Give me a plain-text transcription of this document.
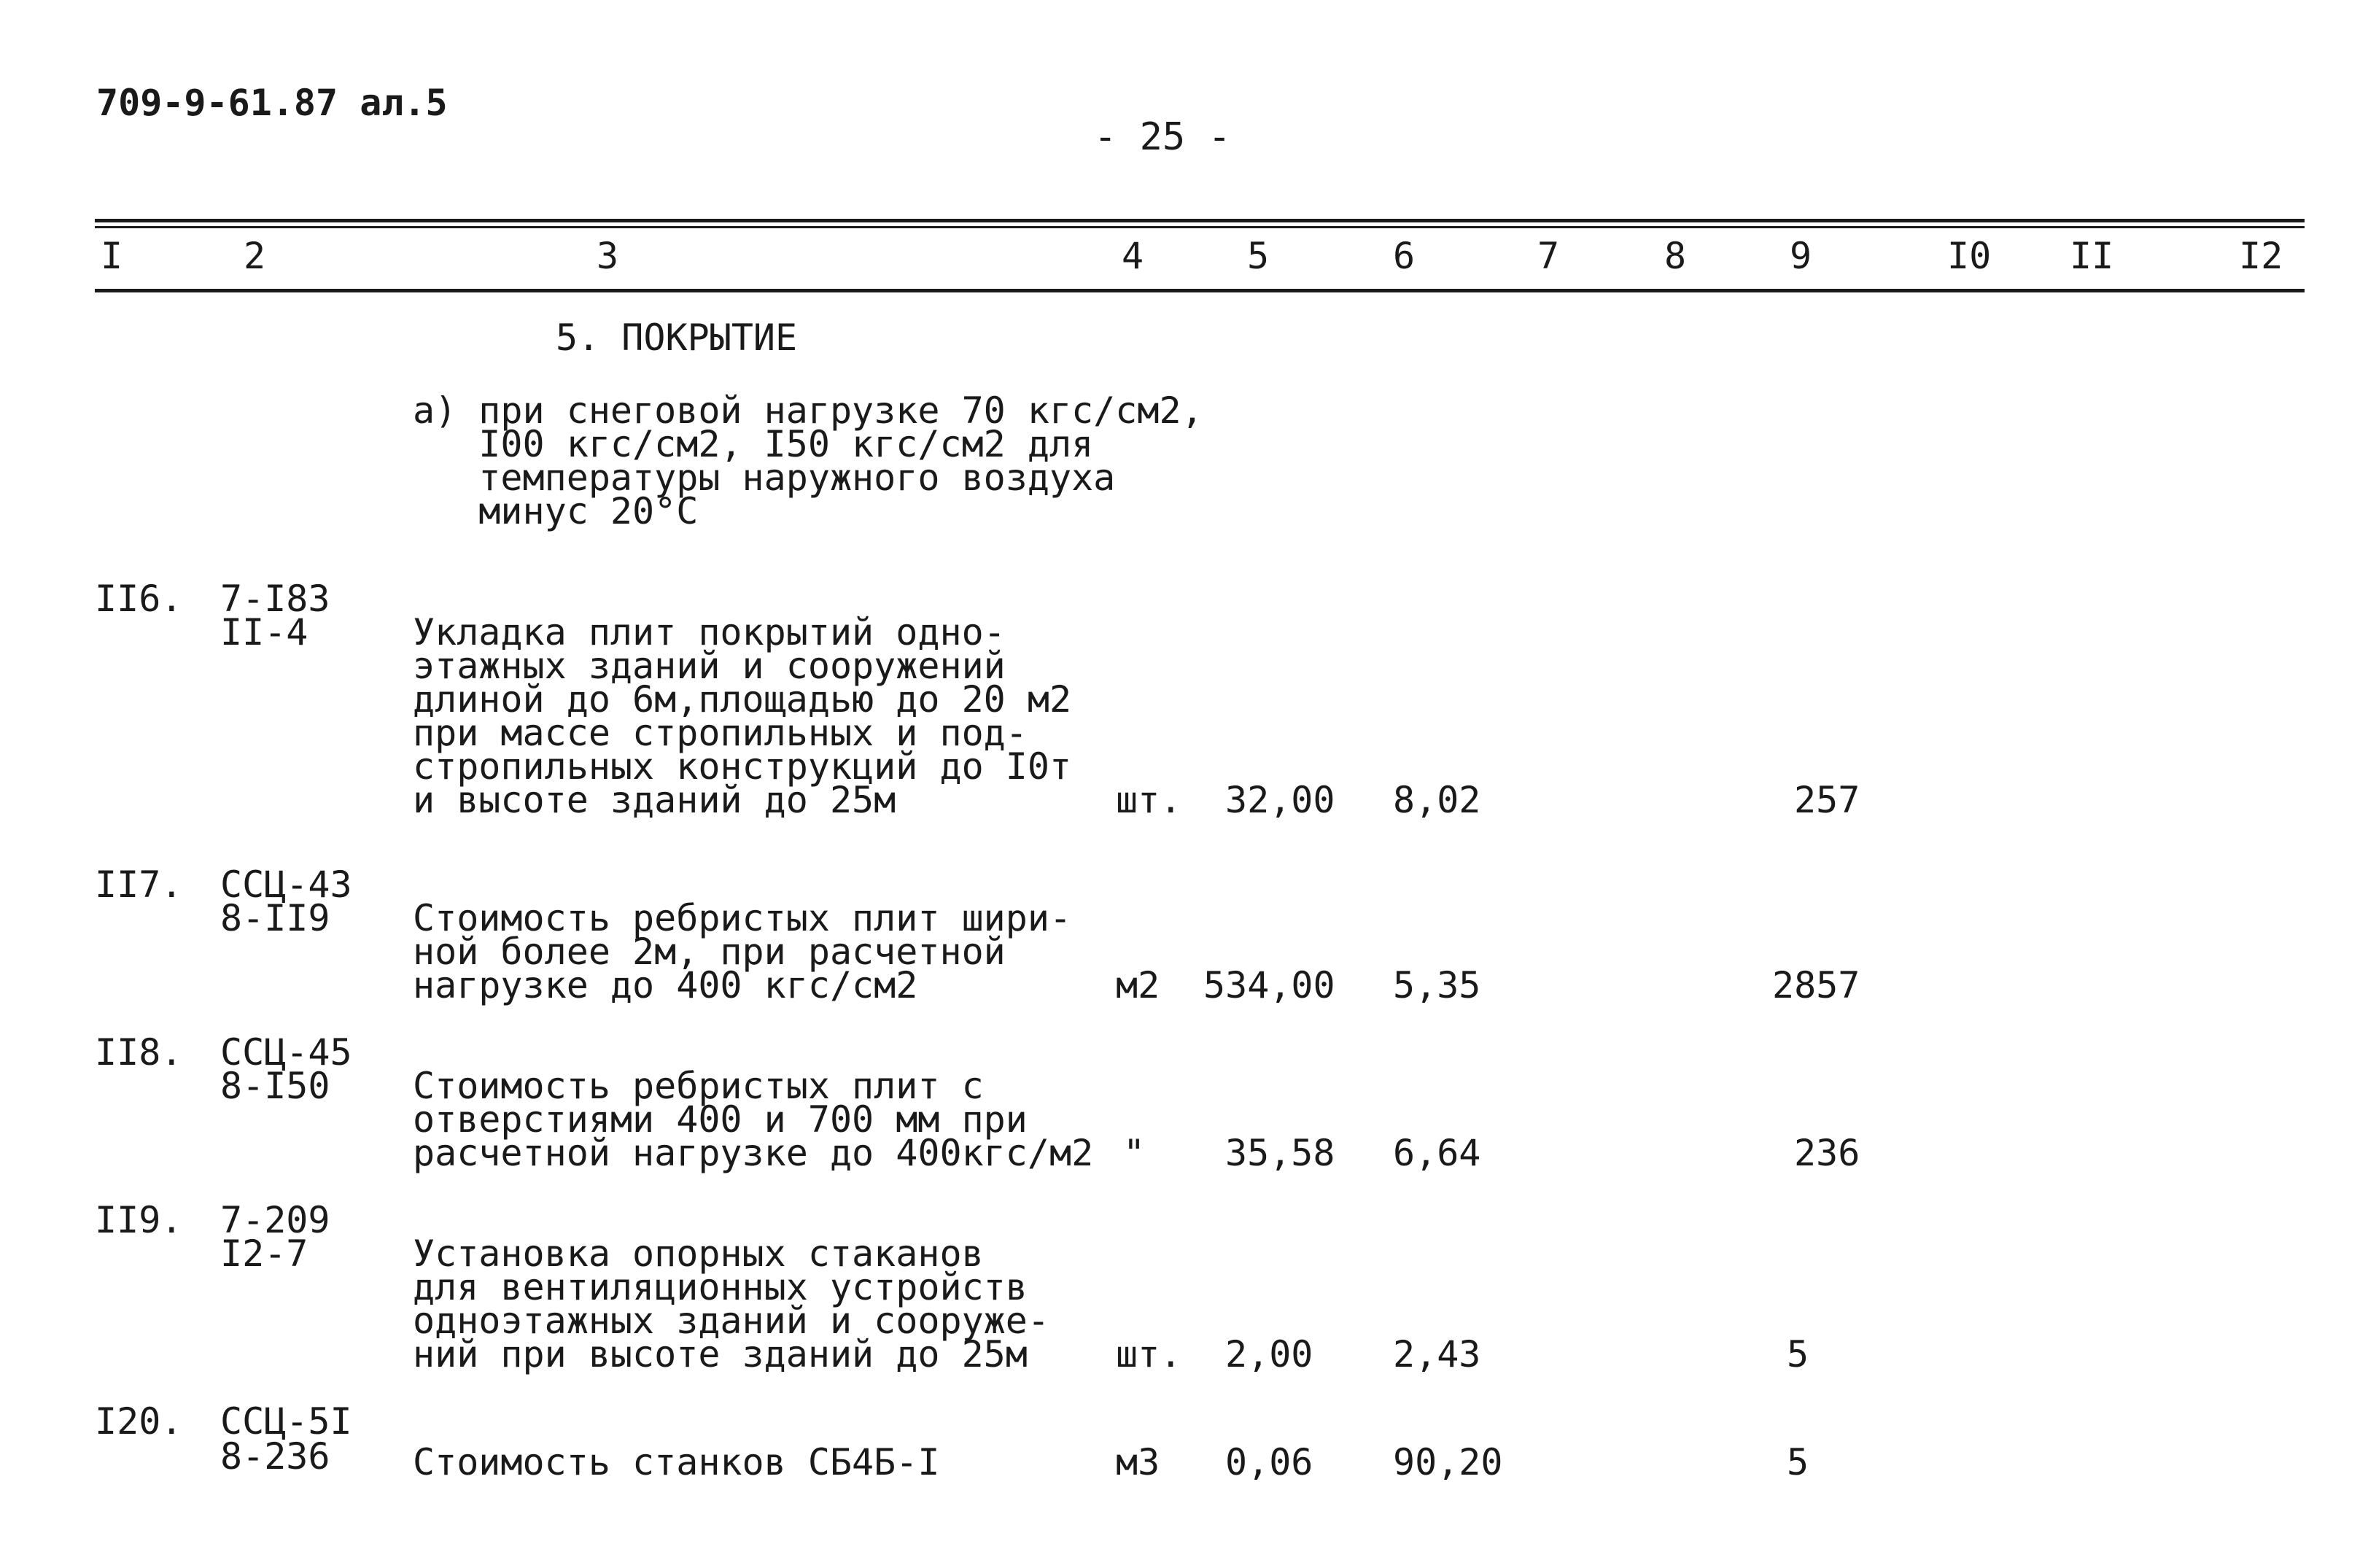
709-9-61.87 ал.5
- 25 -
I	2	3	4	5	6	7	8	9	I0 II	I2
5. ПОКРЫТИЕ
а) при снеговой нагрузке 70 кгс/см2,
I00 кгс/см2, I50 кгс/см2 для
температуры наружного воздуха
минус 20°С
II6. 7-I83
II-4	Укладка плит покрытий одно-
этажных зданий и сооружений
длиной до 6м,площадью до 20 м2
при массе стропильных и под-
стропильных конструкций до I0т
и высоте зданий до 25м	шт. 32,00 8,02	257
II7. ССЦ-43
8-II9 Стоимость ребристых плит шири-
ной более 2м, при расчетной
нагрузке до 400 кгс/см2	м2 534,00 5,35	2857
II8. ССЦ-45
8-I50 Стоимость ребристых плит с
отверстиями 400 и 700 мм при
расчетной нагрузке до 400кгс/м2 " 35,58 6,64	236
II9. 7-209
I2-7	Установка опорных стаканов
для вентиляционных устройств
одноэтажных зданий и сооруже-
ний при высоте зданий до 25м	шт. 2,00 2,43	5
I20. ССЦ-5I
8-236 Стоимость станков СБ4Б-I	м3 0,06 90,20	5
